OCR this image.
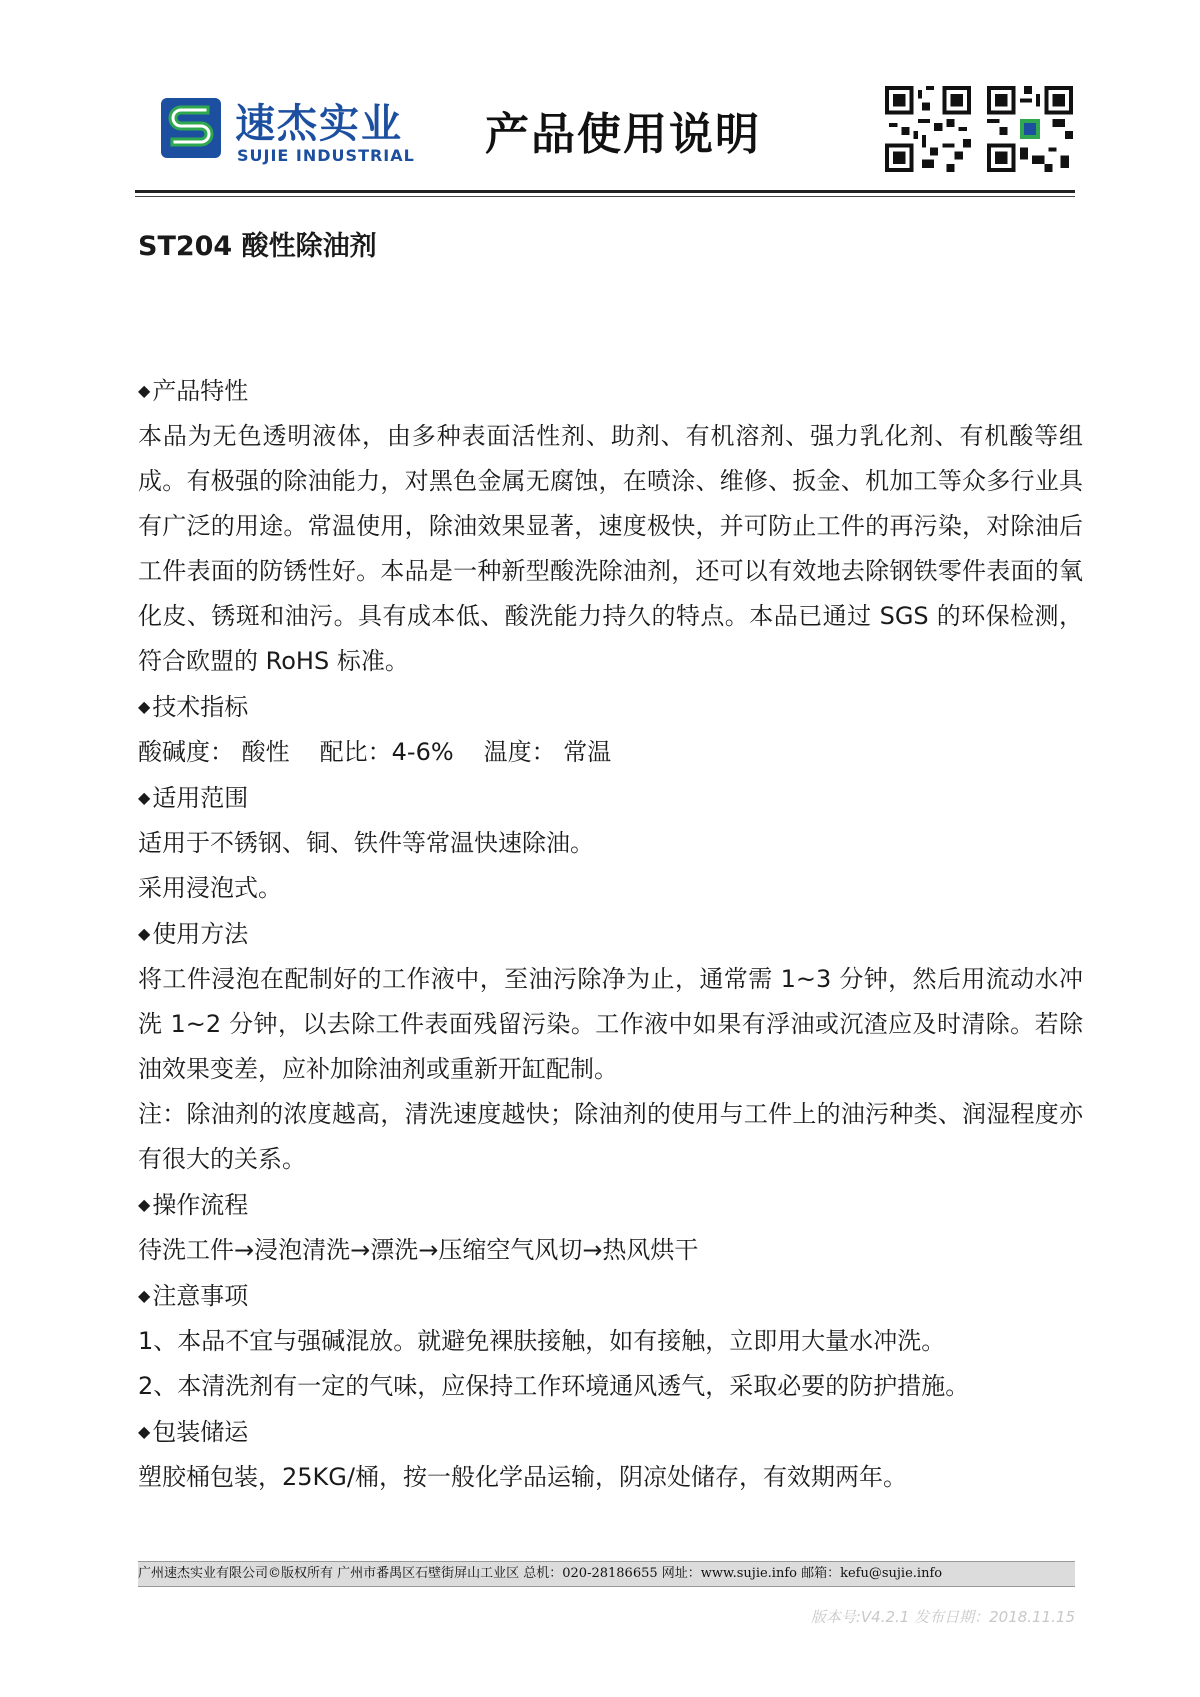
速杰实业
SUJIE INDUSTRIAL 产品使用说明
ST204 酸性除油剂
◆产品特性
本品为无色透明液体，由多种表面活性剂、助剂、有机溶剂、强力乳化剂、有机酸等组成。有极强的除油能力，对黑色金属无腐蚀，在喷涂、维修、扳金、机加工等众多行业具有广泛的用途。常温使用，除油效果显著，速度极快，并可防止工件的再污染，对除油后工件表面的防锈性好。本品是一种新型酸洗除油剂，还可以有效地去除钢铁零件表面的氧化皮、锈斑和油污。具有成本低、酸洗能力持久的特点。本品已通过 SGS 的环保检测，符合欧盟的 RoHS 标准。
◆技术指标
酸碱度： 酸性 配比：4-6% 温度： 常温
◆适用范围
适用于不锈钢、铜、铁件等常温快速除油。
采用浸泡式。
◆使用方法
将工件浸泡在配制好的工作液中，至油污除净为止，通常需 1~3 分钟，然后用流动水冲洗 1~2 分钟，以去除工件表面残留污染。工作液中如果有浮油或沉渣应及时清除。若除油效果变差，应补加除油剂或重新开缸配制。
注：除油剂的浓度越高，清洗速度越快；除油剂的使用与工件上的油污种类、润湿程度亦有很大的关系。
◆操作流程
待洗工件→浸泡清洗→漂洗→压缩空气风切→热风烘干
◆注意事项
1、本品不宜与强碱混放。就避免裸肤接触，如有接触，立即用大量水冲洗。
2、本清洗剂有一定的气味，应保持工作环境通风透气，采取必要的防护措施。
◆包装储运
塑胶桶包装，25KG/桶，按一般化学品运输，阴凉处储存，有效期两年。
广州速杰实业有限公司©版权所有 广州市番禺区石壁街屏山工业区 总机：020-28186655 网址：www.sujie.info 邮箱：kefu@sujie.info
版本号:V4.2.1 发布日期：2018.11.15
